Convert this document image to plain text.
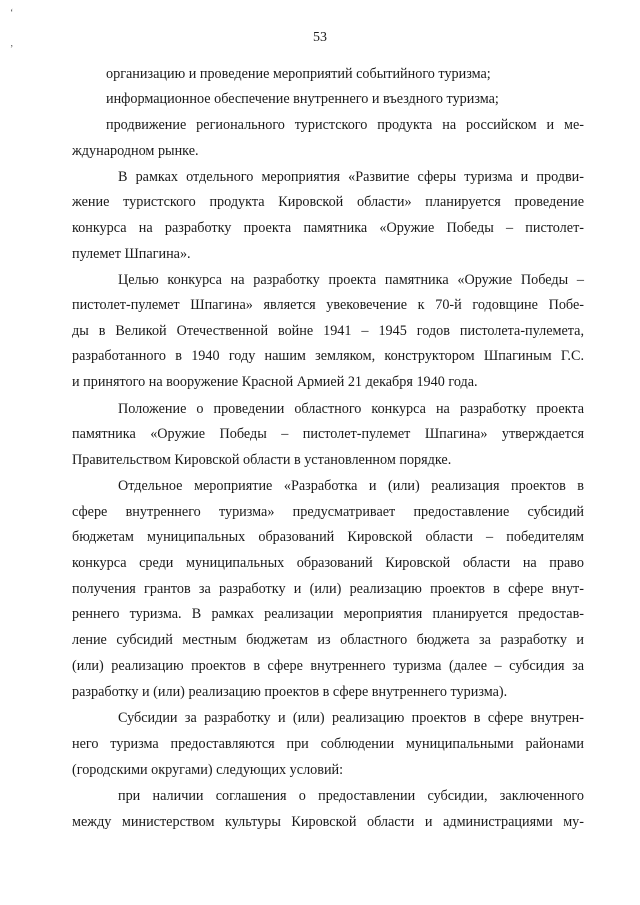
53
‘
’
организацию и проведение мероприятий событийного туризма;
информационное обеспечение внутреннего и въездного туризма;
продвижение регионального туристского продукта на российском и ме-
ждународном рынке.
В рамках отдельного мероприятия «Развитие сферы туризма и продви-
жение туристского продукта Кировской области» планируется проведение
конкурса на разработку проекта памятника «Оружие Победы – пистолет-
пулемет Шпагина».
Целью конкурса на разработку проекта памятника «Оружие Победы –
пистолет-пулемет Шпагина» является увековечение к 70-й годовщине Побе-
ды в Великой Отечественной войне 1941 – 1945 годов пистолета-пулемета,
разработанного в 1940 году нашим земляком, конструктором Шпагиным Г.С.
и принятого на вооружение Красной Армией 21 декабря 1940 года.
Положение о проведении областного конкурса на разработку проекта
памятника «Оружие Победы – пистолет-пулемет Шпагина» утверждается
Правительством Кировской области в установленном порядке.
Отдельное мероприятие «Разработка и (или) реализация проектов в
сфере внутреннего туризма» предусматривает предоставление субсидий
бюджетам муниципальных образований Кировской области – победителям
конкурса среди муниципальных образований Кировской области на право
получения грантов за разработку и (или) реализацию проектов в сфере внут-
реннего туризма. В рамках реализации мероприятия планируется предостав-
ление субсидий местным бюджетам из областного бюджета за разработку и
(или) реализацию проектов в сфере внутреннего туризма (далее – субсидия за
разработку и (или) реализацию проектов в сфере внутреннего туризма).
Субсидии за разработку и (или) реализацию проектов в сфере внутрен-
него туризма предоставляются при соблюдении муниципальными районами
(городскими округами) следующих условий:
при наличии соглашения о предоставлении субсидии, заключенного
между министерством культуры Кировской области и администрациями му-
